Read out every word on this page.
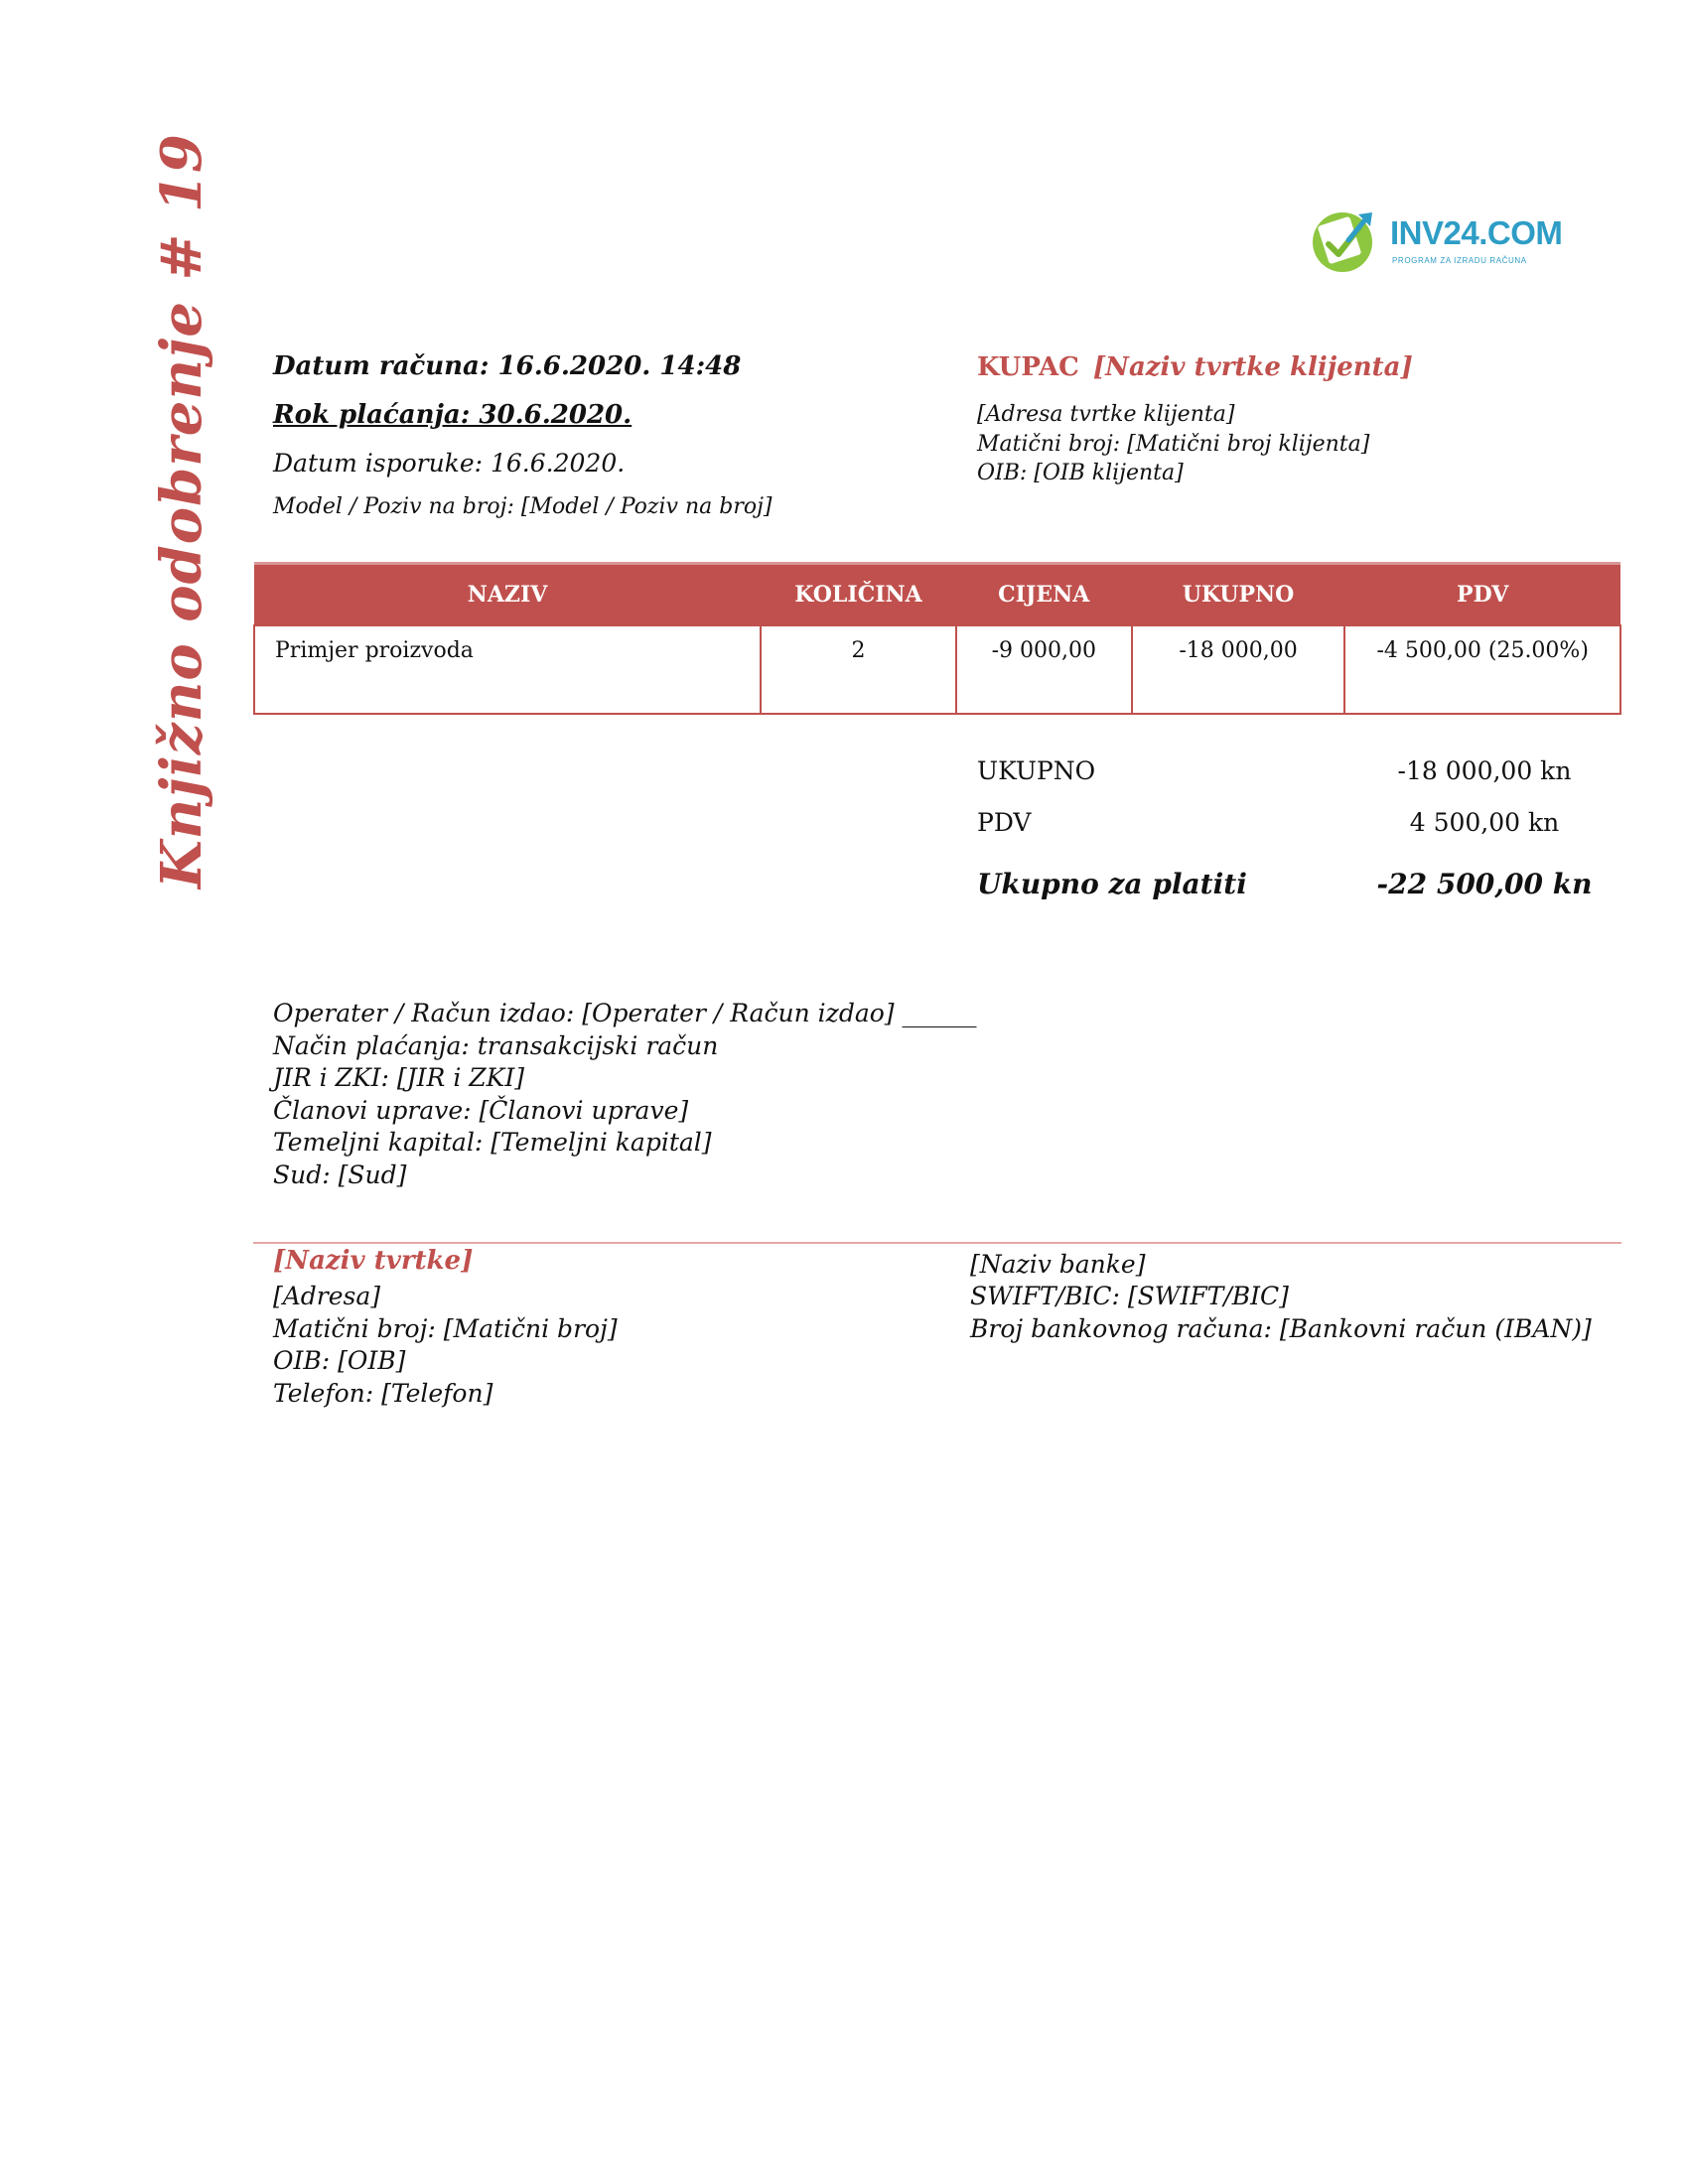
Knjižno odobrenje # 19	INV24.COM
PROGRAM ZA IZRADU RAČUNA
Datum računa: 16.6.2020. 14:48
Rok plaćanja: 30.6.2020.
Datum isporuke: 16.6.2020.
Model / Poziv na broj: [Model / Poziv na broj]
KUPAC [Naziv tvrtke klijenta]
[Adresa tvrtke klijenta]
Matični broj: [Matični broj klijenta]
OIB: [OIB klijenta]
NAZIV	KOLIČINA	CIJENA	UKUPNO	PDV
Primjer proizvoda	2	-9 000,00	-18 000,00	-4 500,00 (25.00%)
UKUPNO	-18 000,00 kn
PDV	4 500,00 kn
Ukupno za platiti	-22 500,00 kn
Operater / Račun izdao: [Operater / Račun izdao] ______
Način plaćanja: transakcijski račun
JIR i ZKI: [JIR i ZKI]
Članovi uprave: [Članovi uprave]
Temeljni kapital: [Temeljni kapital]
Sud: [Sud]
[Naziv tvrtke]
[Adresa]
Matični broj: [Matični broj]
OIB: [OIB]
Telefon: [Telefon]
[Naziv banke]
SWIFT/BIC: [SWIFT/BIC]
Broj bankovnog računa: [Bankovni račun (IBAN)]
